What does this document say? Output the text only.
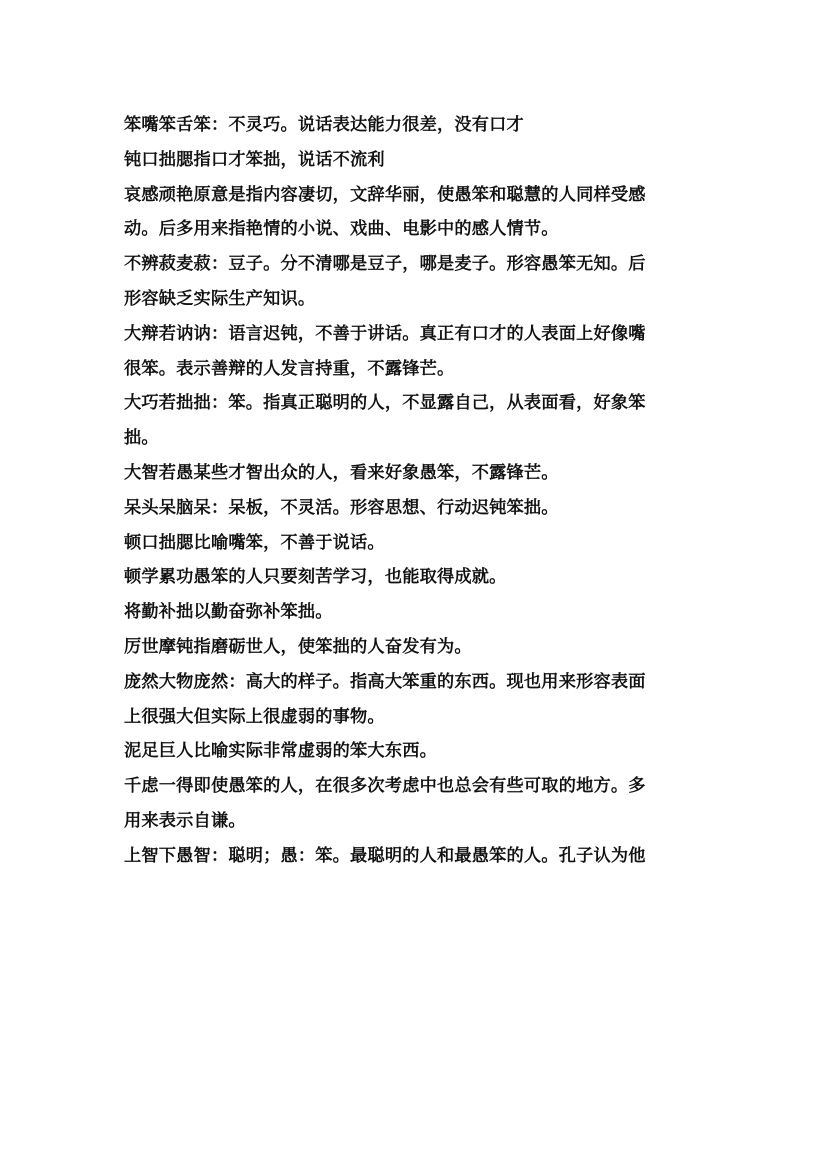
笨嘴笨舌笨：不灵巧。说话表达能力很差，没有口才
钝口拙腮指口才笨拙，说话不流利
哀感顽艳原意是指内容凄切，文辞华丽，使愚笨和聪慧的人同样受感
动。后多用来指艳情的小说、戏曲、电影中的感人情节。
不辨菽麦菽：豆子。分不清哪是豆子，哪是麦子。形容愚笨无知。后
形容缺乏实际生产知识。
大辩若讷讷：语言迟钝，不善于讲话。真正有口才的人表面上好像嘴
很笨。表示善辩的人发言持重，不露锋芒。
大巧若拙拙：笨。指真正聪明的人，不显露自己，从表面看，好象笨
拙。
大智若愚某些才智出众的人，看来好象愚笨，不露锋芒。
呆头呆脑呆：呆板，不灵活。形容思想、行动迟钝笨拙。
顿口拙腮比喻嘴笨，不善于说话。
顿学累功愚笨的人只要刻苦学习，也能取得成就。
将勤补拙以勤奋弥补笨拙。
厉世摩钝指磨砺世人，使笨拙的人奋发有为。
庞然大物庞然：高大的样子。指高大笨重的东西。现也用来形容表面
上很强大但实际上很虚弱的事物。
泥足巨人比喻实际非常虚弱的笨大东西。
千虑一得即使愚笨的人，在很多次考虑中也总会有些可取的地方。多
用来表示自谦。
上智下愚智：聪明；愚：笨。最聪明的人和最愚笨的人。孔子认为他
